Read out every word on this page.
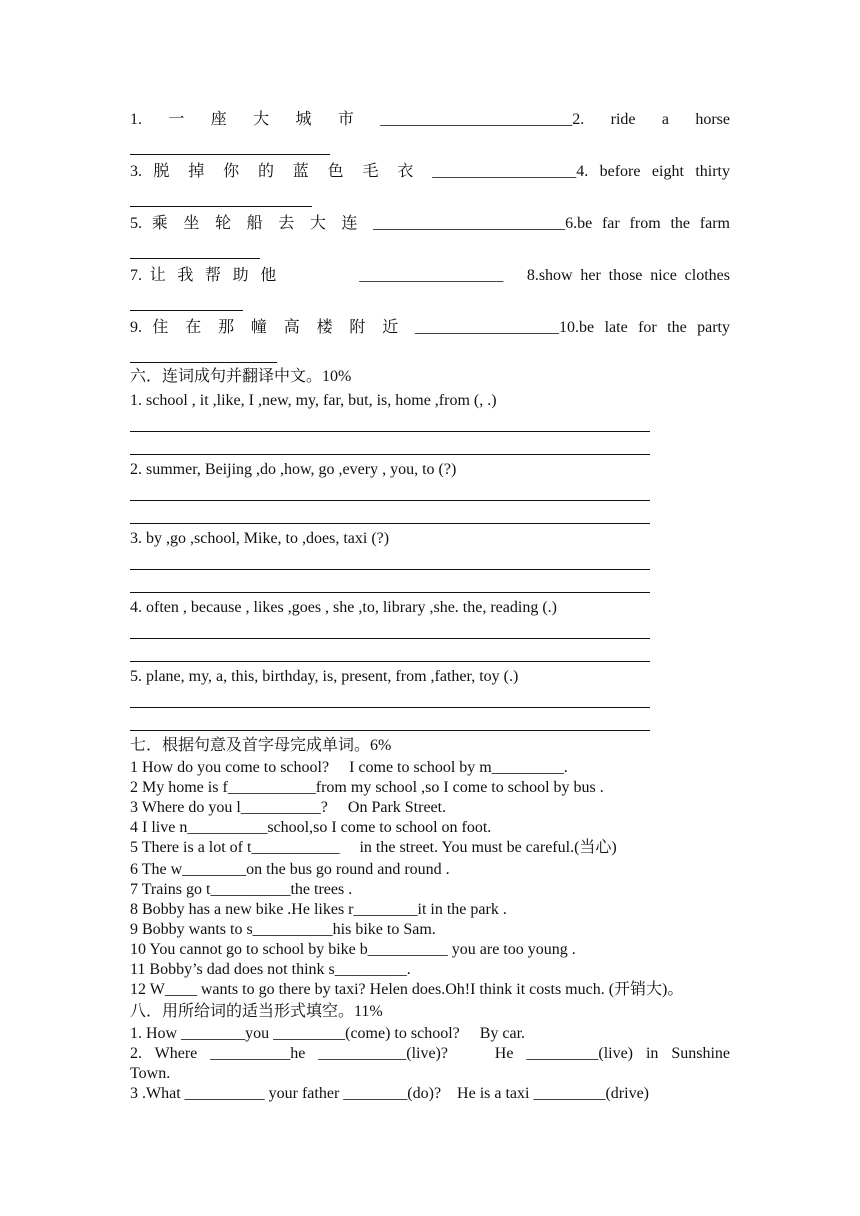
1.　一　座　大　城　市　________________________2.　ride　a　horse
3. 脱 掉 你 的 蓝 色 毛 衣 __________________4. before eight thirty
5. 乘 坐 轮 船 去 大 连 ________________________6.be far from the farm
7. 让 我 帮 助 他　　　　__________________　8.show her those nice clothes
9. 住 在 那 幢 高 楼 附 近 __________________10.be late for the party
六．连词成句并翻译中文。10%
1. school , it ,like, I ,new, my, far, but, is, home ,from (, .)
2. summer, Beijing ,do ,how, go ,every , you, to (?)
3. by ,go ,school, Mike, to ,does, taxi (?)
4. often , because , likes ,goes , she ,to, library ,she. the, reading (.)
5. plane, my, a, this, birthday, is, present, from ,father, toy (.)
七．根据句意及首字母完成单词。6%
1 How do you come to school?　 I come to school by m_________.
2 My home is f___________from my school ,so I come to school by bus .
3 Where do you l__________?　 On Park Street.
4 I live n__________school,so I come to school on foot.
5 There is a lot of t___________　 in the street. You must be careful.(当心)
6 The w________on the bus go round and round .
7 Trains go t__________the trees .
8 Bobby has a new bike .He likes r________it in the park .
9 Bobby wants to s__________his bike to Sam.
10 You cannot go to school by bike b__________ you are too young .
11 Bobby’s dad does not think s_________.
12 W____ wants to go there by taxi? Helen does.Oh!I think it costs much. (开销大)。
八．用所给词的适当形式填空。11%
1. How ________you _________(come) to school?　 By car.
2. Where __________he ___________(live)?　 He _________(live) in Sunshine
Town.
3 .What __________ your father ________(do)?　He is a taxi _________(drive)
